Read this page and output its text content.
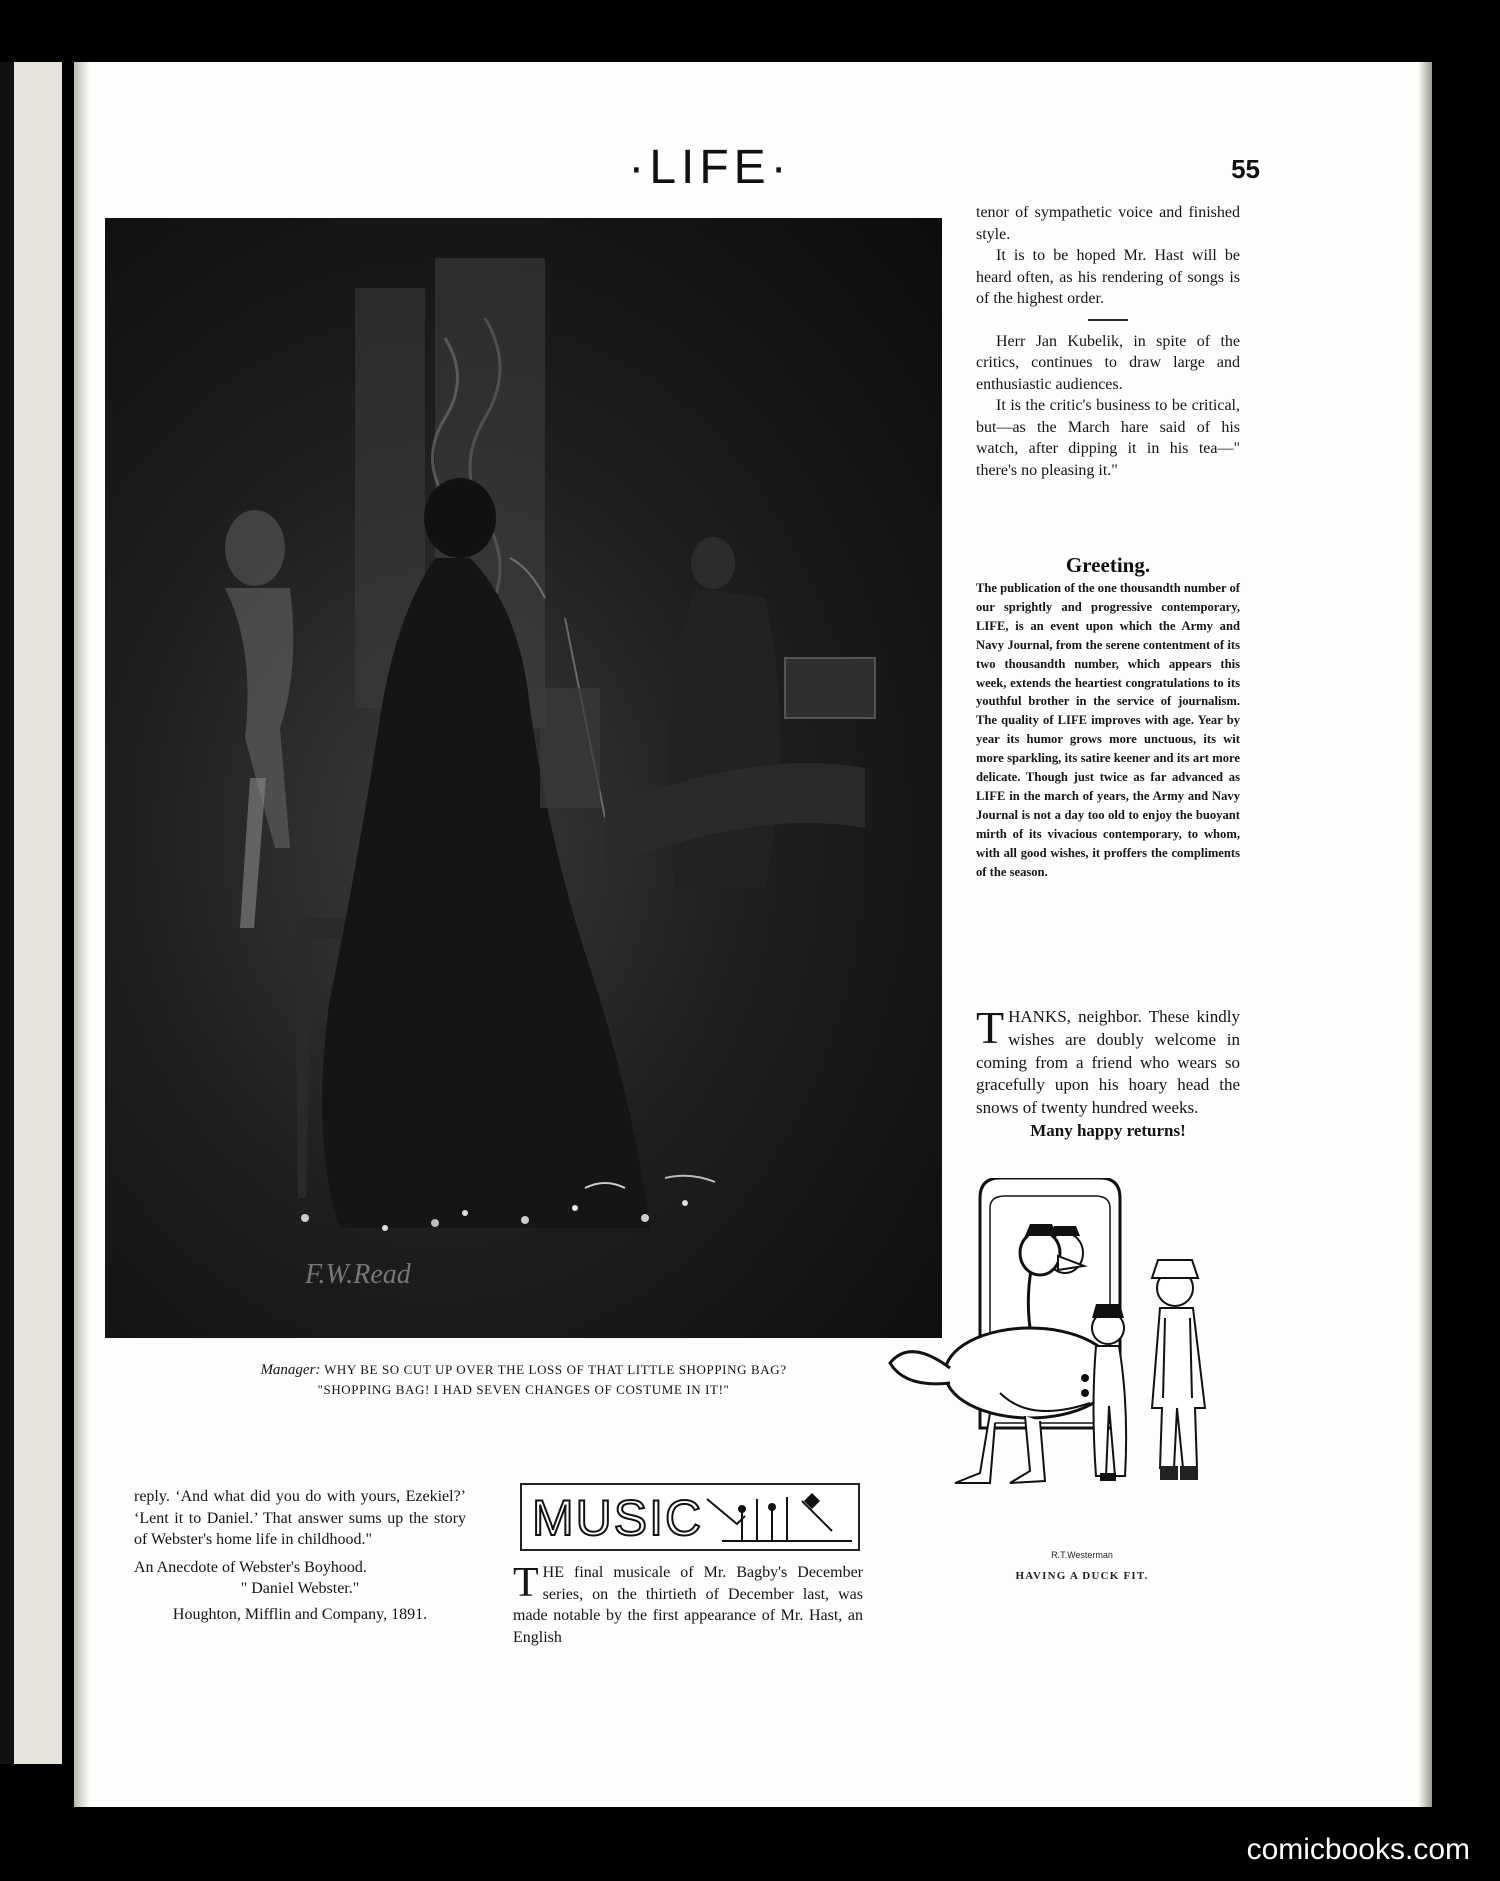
·LIFE·	55
F.W.Read
Manager: WHY BE SO CUT UP OVER THE LOSS OF THAT LITTLE SHOPPING BAG?
"SHOPPING BAG! I HAD SEVEN CHANGES OF COSTUME IN IT!"

tenor of sympathetic voice and finished style.

It is to be hoped Mr. Hast will be heard often, as his rendering of songs is of the highest order.

Herr Jan Kubelik, in spite of the critics, continues to draw large and enthusiastic audiences.

It is the critic's business to be critical, but—as the March hare said of his watch, after dipping it in his tea—" there's no pleasing it."

Greeting.

The publication of the one thousandth number of our sprightly and progressive contemporary, LIFE, is an event upon which the Army and Navy Journal, from the serene contentment of its two thousandth number, which appears this week, extends the heartiest congratulations to its youthful brother in the service of journalism. The quality of LIFE improves with age. Year by year its humor grows more unctuous, its wit more sparkling, its satire keener and its art more delicate. Though just twice as far advanced as LIFE in the march of years, the Army and Navy Journal is not a day too old to enjoy the buoyant mirth of its vivacious contemporary, to whom, with all good wishes, it proffers the compliments of the season.

T HANKS, neighbor. These kindly wishes are doubly welcome in coming from a friend who wears so gracefully upon his hoary head the snows of twenty hundred weeks.

Many happy returns!

R.T.Westerman
HAVING A DUCK FIT.

reply. ‘And what did you do with yours, Ezekiel?’ ‘Lent it to Daniel.’ That answer sums up the story of Webster's home life in childhood."

An Anecdote of Webster's Boyhood.

" Daniel Webster."

Houghton, Mifflin and Company, 1891.

MUSIC

T HE final musicale of Mr. Bagby's December series, on the thirtieth of December last, was made notable by the first appearance of Mr. Hast, an English

comicbooks.com
